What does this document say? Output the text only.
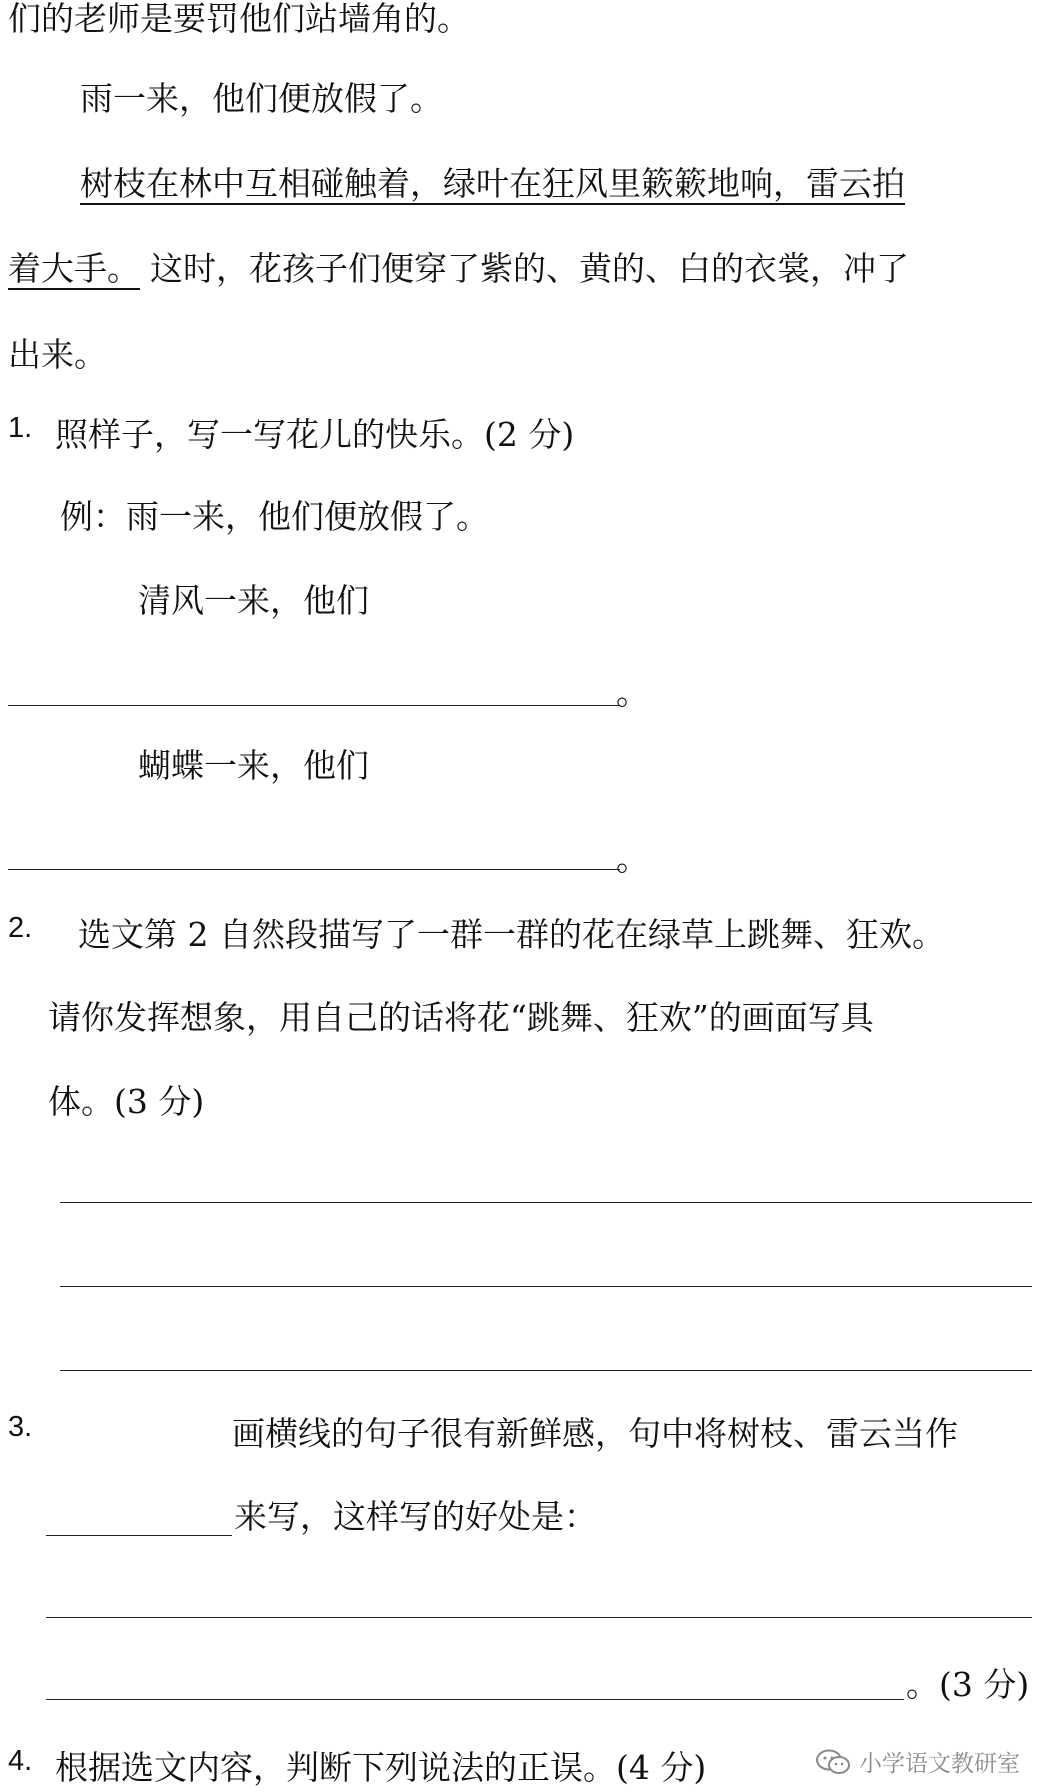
们的老师是要罚他们站墙角的。
雨一来，他们便放假了。
树枝在林中互相碰触着，绿叶在狂风里簌簌地响，雷云拍
着大手。 这时，花孩子们便穿了紫的、黄的、白的衣裳，冲了
出来。
1. 照样子，写一写花儿的快乐。(2 分)
例：雨一来，他们便放假了。
清风一来，他们
。
蝴蝶一来，他们
。
2. 选文第 2 自然段描写了一群一群的花在绿草上跳舞、狂欢。
请你发挥想象，用自己的话将花“跳舞、狂欢”的画面写具
体。(3 分)
3.	画横线的句子很有新鲜感，句中将树枝、雷云当作
来写，这样写的好处是：
。(3 分)
4. 根据选文内容，判断下列说法的正误。(4 分)	小学语文教研室
